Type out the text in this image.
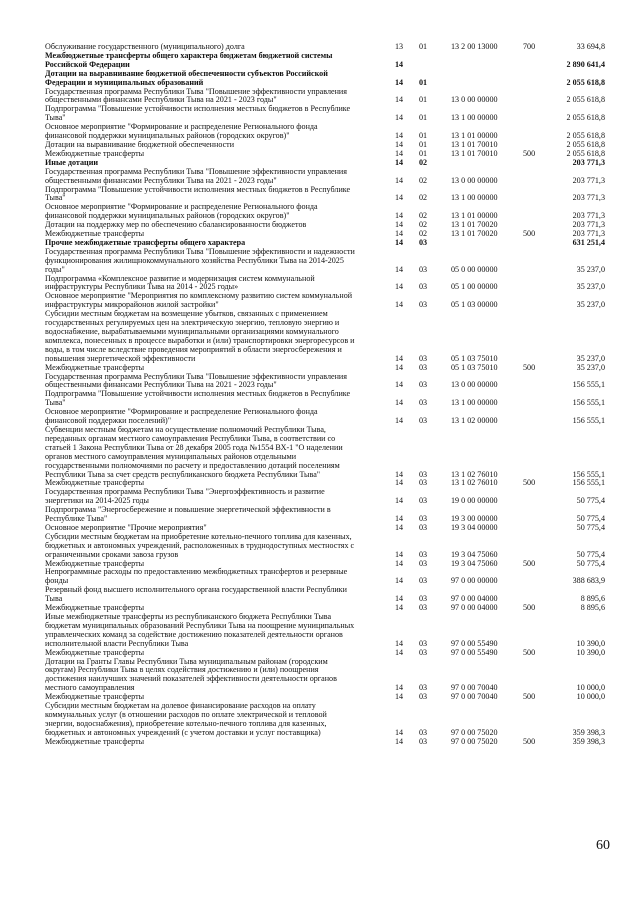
Обслуживание государственного (муниципального) долга	13	01	13 2 00 13000	700	33 694,8
Межбюджетные трансферты общего характера бюджетам бюджетной системы
Российской Федерации	14	2 890 641,4
Дотации на выравнивание бюджетной обеспеченности субъектов Российской
Федерации и муниципальных образований	14	01	2 055 618,8
Государственная программа Республики Тыва "Повышение эффективности управления
общественными финансами Республики Тыва на 2021 - 2023 годы"	14	01	13 0 00 00000	2 055 618,8
Подпрограмма "Повышение устойчивости исполнения местных бюджетов в Республике
Тыва"	14	01	13 1 00 00000	2 055 618,8
Основное мероприятие "Формирование и распределение Регионального фонда
финансовой поддержки муниципальных районов (городских округов)"	14	01	13 1 01 00000	2 055 618,8
Дотации на выравнивание бюджетной обеспеченности	14	01	13 1 01 70010	2 055 618,8
Межбюджетные трансферты	14	01	13 1 01 70010	500	2 055 618,8
Иные дотации	14	02	203 771,3
Государственная программа Республики Тыва "Повышение эффективности управления
общественными финансами Республики Тыва на 2021 - 2023 годы"	14	02	13 0 00 00000	203 771,3
Подпрограмма "Повышение устойчивости исполнения местных бюджетов в Республике
Тыва"	14	02	13 1 00 00000	203 771,3
Основное мероприятие "Формирование и распределение Регионального фонда
финансовой поддержки муниципальных районов (городских округов)"	14	02	13 1 01 00000	203 771,3
Дотации на поддержку мер по обеспечению сбалансированности бюджетов	14	02	13 1 01 70020	203 771,3
Межбюджетные трансферты	14	02	13 1 01 70020	500	203 771,3
Прочие межбюджетные трансферты общего характера	14	03	631 251,4
Государственная программа Республики Тыва "Повышение эффективности и надежности
функционирования жилищнокоммунального хозяйства Республики Тыва на 2014-2025
годы"	14	03	05 0 00 00000	35 237,0
Подпрограмма «Комплексное развитие и модернизация систем коммунальной
инфраструктуры Республики Тыва на 2014 - 2025 годы»	14	03	05 1 00 00000	35 237,0
Основное мероприятие "Мероприятия по комплексному развитию систем коммунальной
инфраструктуры микрорайонов жилой застройки"	14	03	05 1 03 00000	35 237,0
Субсидии местным бюджетам на возмещение убытков, связанных с применением
государственных регулируемых цен на электрическую энергию, тепловую энергию и
водоснабжение, вырабатываемыми муниципальными организациями коммунального
комплекса, понесенных в процессе выработки и (или) транспортировки энергоресурсов и
воды, в том числе вследствие проведения мероприятий в области энергосбережения и
повышения энергетической эффективности	14	03	05 1 03 75010	35 237,0
Межбюджетные трансферты	14	03	05 1 03 75010	500	35 237,0
Государственная программа Республики Тыва "Повышение эффективности управления
общественными финансами Республики Тыва на 2021 - 2023 годы"	14	03	13 0 00 00000	156 555,1
Подпрограмма "Повышение устойчивости исполнения местных бюджетов в Республике
Тыва"	14	03	13 1 00 00000	156 555,1
Основное мероприятие "Формирование и распределение Регионального фонда
финансовой поддержки поселений)"	14	03	13 1 02 00000	156 555,1
Субвенции местным бюджетам на осуществление полномочий Республики Тыва,
переданных органам местного самоуправления Республики Тыва, в соответствии со
статьей 1 Закона Республики Тыва от 28 декабря 2005 года №1554 ВХ-1 "О наделении
органов местного самоуправления муниципальных районов отдельными
государственными полномочиями по расчету и предоставлению дотаций поселениям
Республики Тыва за счет средств республиканского бюджета Республики Тыва"	14	03	13 1 02 76010	156 555,1
Межбюджетные трансферты	14	03	13 1 02 76010	500	156 555,1
Государственная программа Республики Тыва "Энергоэффективность и развитие
энергетики на 2014-2025 годы	14	03	19 0 00 00000	50 775,4
Подпрограмма "Энергосбережение и повышение энергетической эффективности в
Республике Тыва"	14	03	19 3 00 00000	50 775,4
Основное мероприятие "Прочие мероприятия"	14	03	19 3 04 00000	50 775,4
Субсидии местным бюджетам на приобретение котельно-печного топлива для казенных,
бюджетных и автономных учреждений, расположенных в труднодоступных местностях с
ограниченными сроками завоза грузов	14	03	19 3 04 75060	50 775,4
Межбюджетные трансферты	14	03	19 3 04 75060	500	50 775,4
Непрограммные расходы по предоставлению межбюджетных трансфертов и резервные
фонды	14	03	97 0 00 00000	388 683,9
Резервный фонд высшего исполнительного органа государственной власти Республики
Тыва	14	03	97 0 00 04000	8 895,6
Межбюджетные трансферты	14	03	97 0 00 04000	500	8 895,6
Иные межбюджетные трансферты из республиканского бюджета Республики Тыва
бюджетам муниципальных образований Республики Тыва на поощрение муниципальных
управленческих команд за содействие достижению показателей деятельности органов
исполнительной власти Республики Тыва	14	03	97 0 00 55490	10 390,0
Межбюджетные трансферты	14	03	97 0 00 55490	500	10 390,0
Дотации на Гранты Главы Республики Тыва муниципальным районам (городским
округам) Республики Тыва в целях содействия достижению и (или) поощрения
достижения наилучших значений показателей эффективности деятельности органов
местного самоуправления	14	03	97 0 00 70040	10 000,0
Межбюджетные трансферты	14	03	97 0 00 70040	500	10 000,0
Субсидии местным бюджетам на долевое финансирование расходов на оплату
коммунальных услуг (в отношении расходов по оплате электрической и тепловой
энергии, водоснабжения), приобретение котельно-печного топлива для казенных,
бюджетных и автономных учреждений (с учетом доставки и услуг поставщика)	14	03	97 0 00 75020	359 398,3
Межбюджетные трансферты	14	03	97 0 00 75020	500	359 398,3
60
